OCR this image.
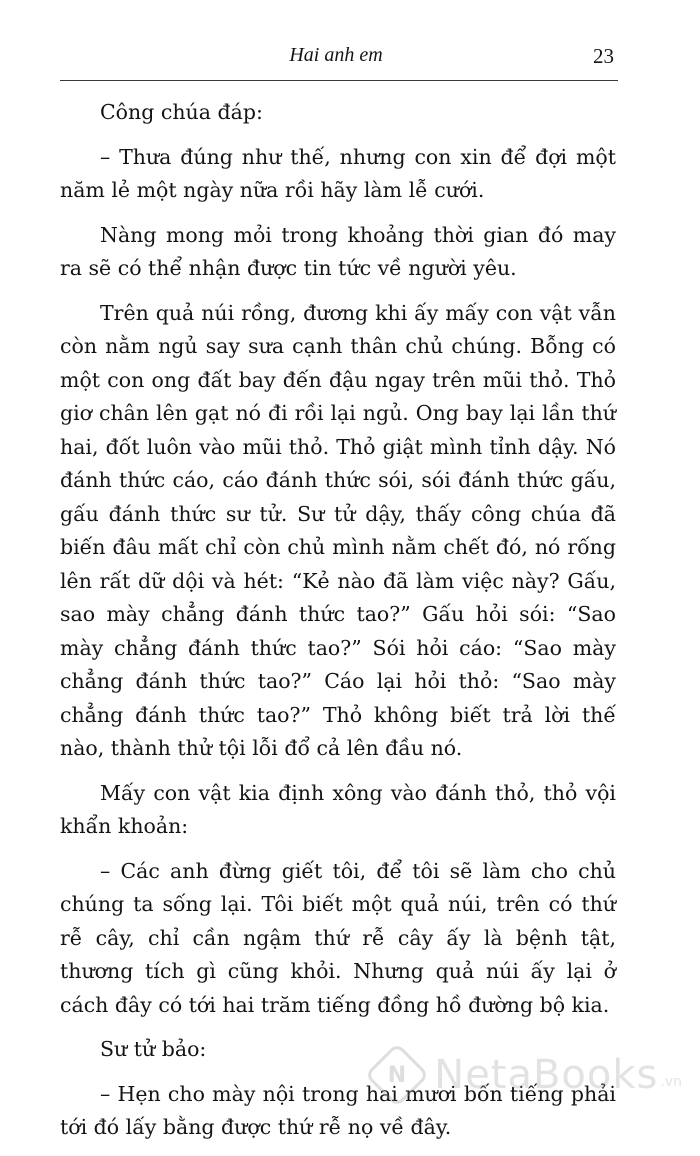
Hai anh em	23

Công chúa đáp:

– Thưa đúng như thế, nhưng con xin để đợi một năm lẻ một ngày nữa rồi hãy làm lễ cưới.

Nàng mong mỏi trong khoảng thời gian đó may ra sẽ có thể nhận được tin tức về người yêu.

Trên quả núi rồng, đương khi ấy mấy con vật vẫn còn nằm ngủ say sưa cạnh thân chủ chúng. Bỗng có một con ong đất bay đến đậu ngay trên mũi thỏ. Thỏ giơ chân lên gạt nó đi rồi lại ngủ. Ong bay lại lần thứ hai, đốt luôn vào mũi thỏ. Thỏ giật mình tỉnh dậy. Nó đánh thức cáo, cáo đánh thức sói, sói đánh thức gấu, gấu đánh thức sư tử. Sư tử dậy, thấy công chúa đã biến đâu mất chỉ còn chủ mình nằm chết đó, nó rống lên rất dữ dội và hét: “Kẻ nào đã làm việc này? Gấu, sao mày chẳng đánh thức tao?” Gấu hỏi sói: “Sao mày chẳng đánh thức tao?” Sói hỏi cáo: “Sao mày chẳng đánh thức tao?” Cáo lại hỏi thỏ: “Sao mày chẳng đánh thức tao?” Thỏ không biết trả lời thế nào, thành thử tội lỗi đổ cả lên đầu nó.

Mấy con vật kia định xông vào đánh thỏ, thỏ vội khẩn khoản:

– Các anh đừng giết tôi, để tôi sẽ làm cho chủ chúng ta sống lại. Tôi biết một quả núi, trên có thứ rễ cây, chỉ cần ngậm thứ rễ cây ấy là bệnh tật, thương tích gì cũng khỏi. Nhưng quả núi ấy lại ở cách đây có tới hai trăm tiếng đồng hồ đường bộ kia.

Sư tử bảo:

– Hẹn cho mày nội trong hai mươi bốn tiếng phải tới đó lấy bằng được thứ rễ nọ về đây.

N
NetaBooks .vn
